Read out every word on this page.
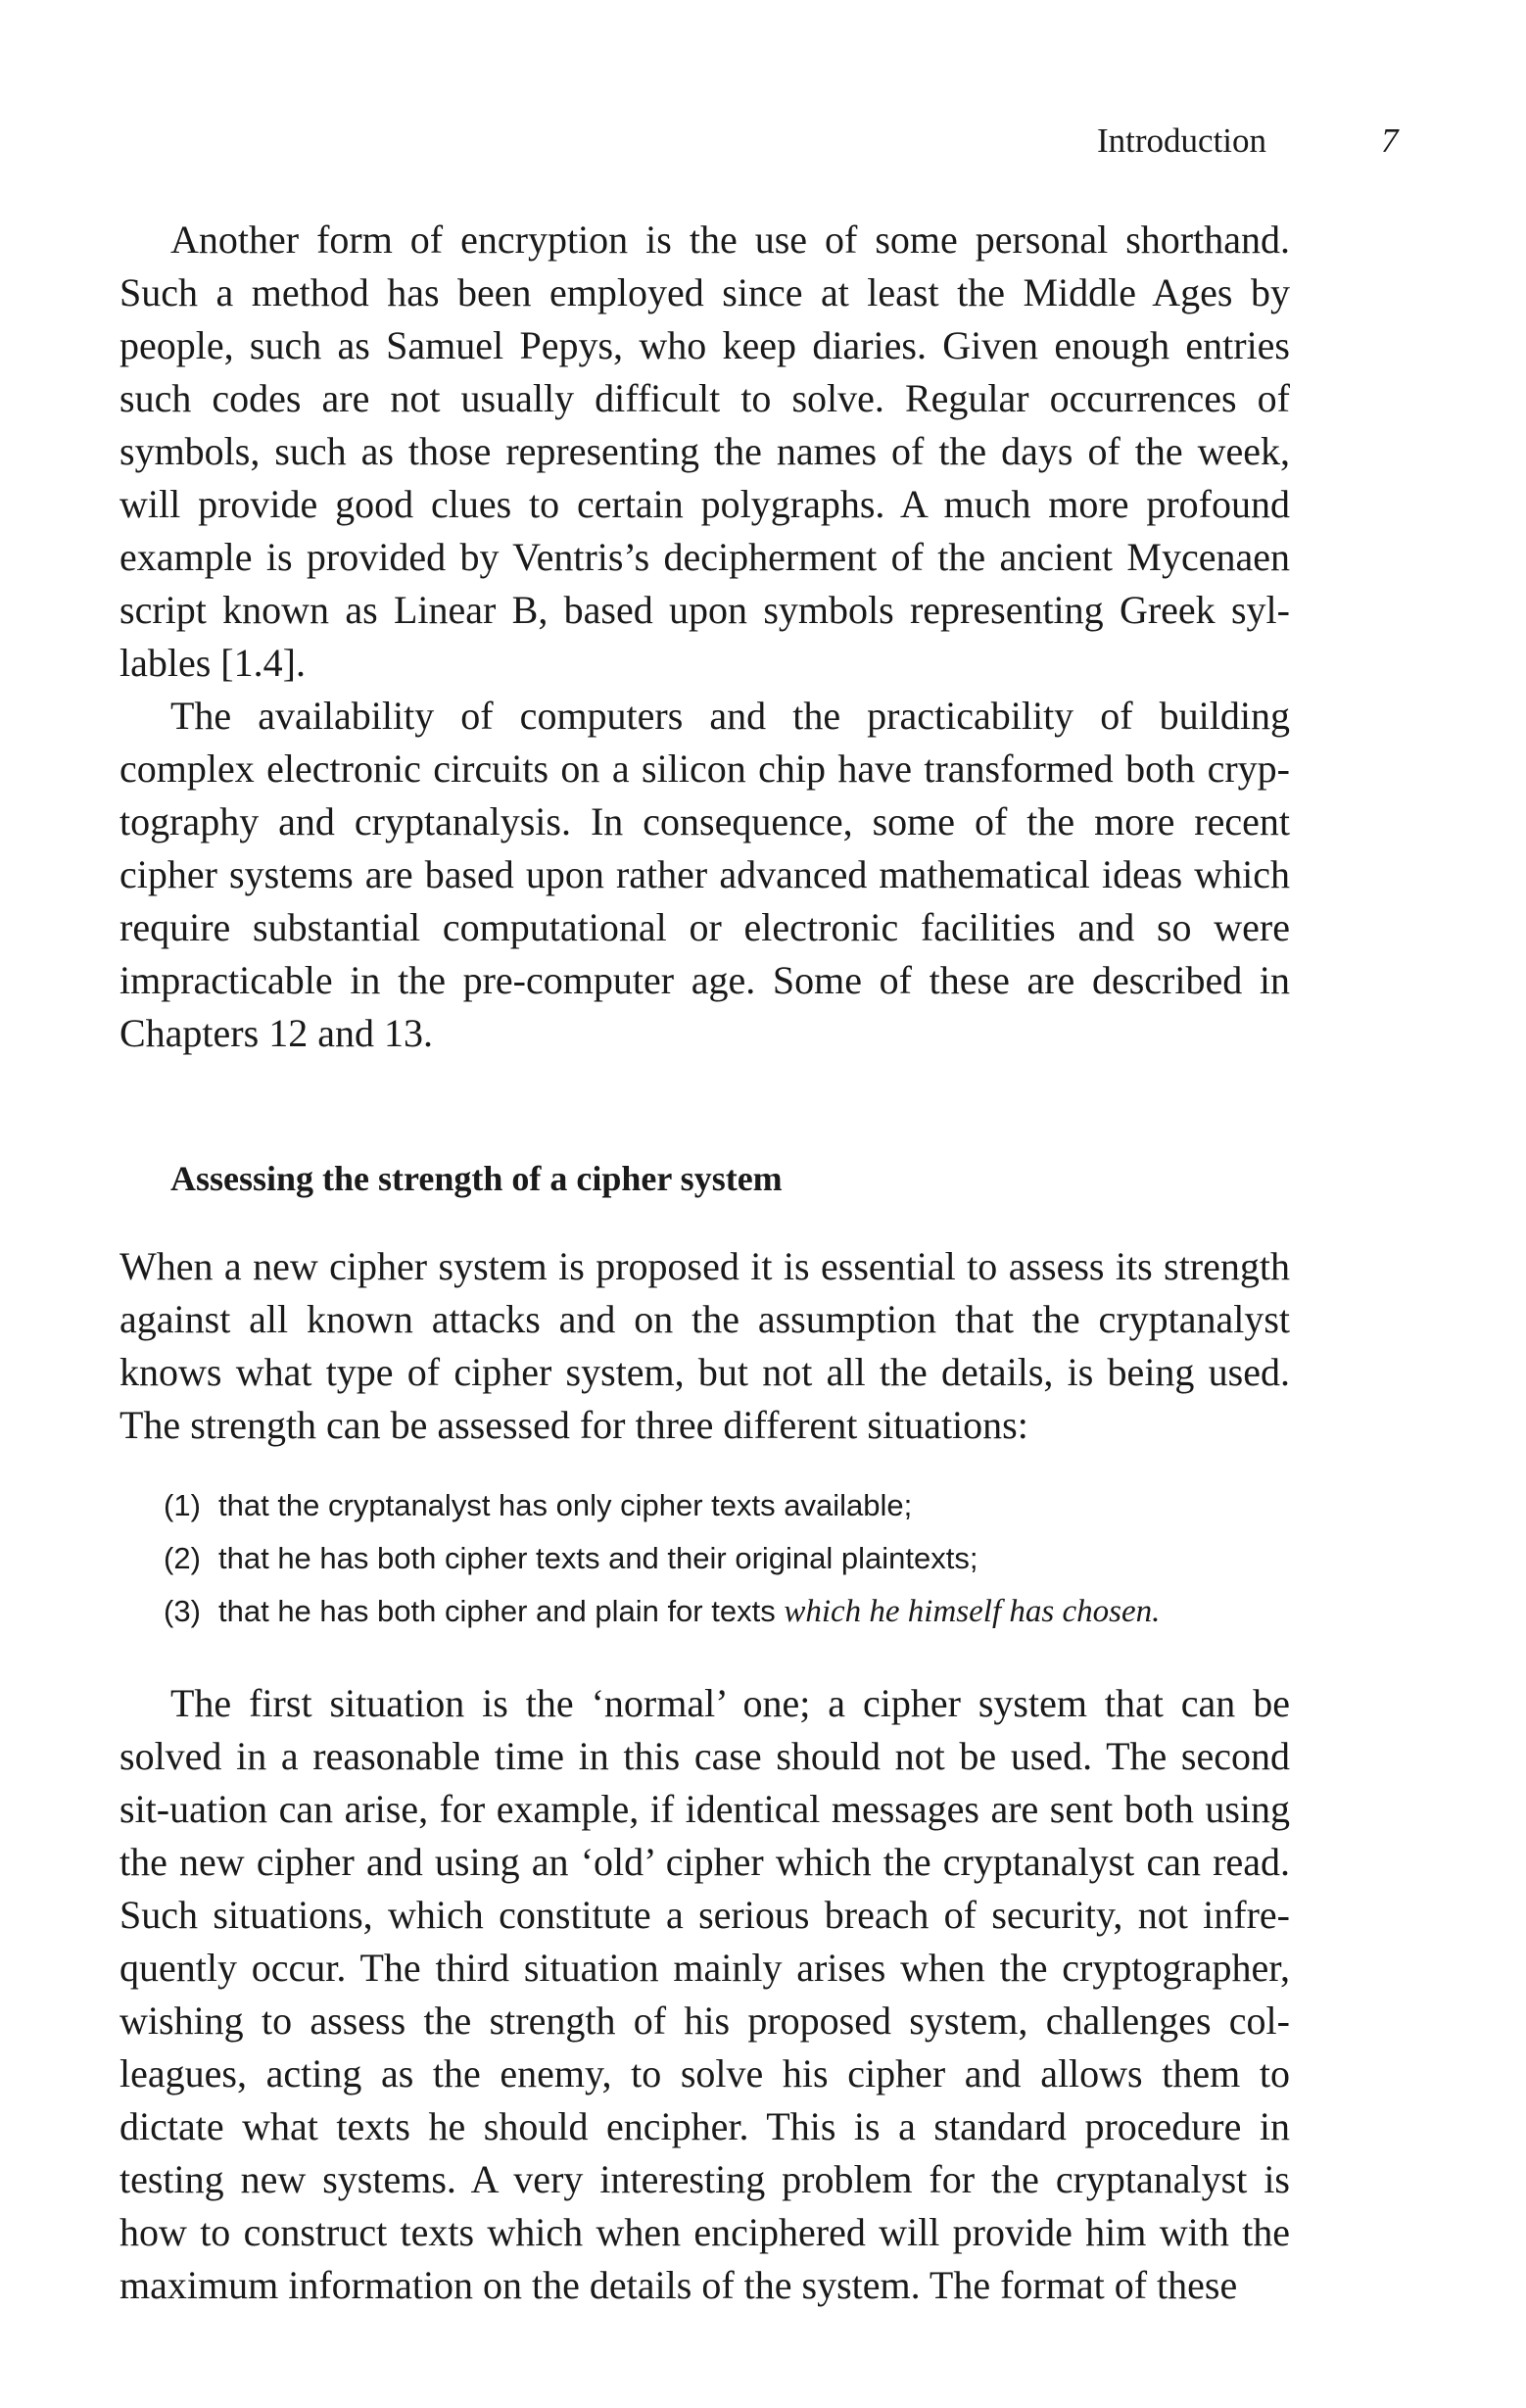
Introduction	7

Another form of encryption is the use of some personal shorthand. Such a method has been employed since at least the Middle Ages by people, such as Samuel Pepys, who keep diaries. Given enough entries such codes are not usually difficult to solve. Regular occurrences of symbols, such as those representing the names of the days of the week, will provide good clues to certain polygraphs. A much more profound example is provided by Ventris’s decipherment of the ancient Mycenaen script known as Linear B, based upon symbols representing Greek syl-lables [1.4].

The availability of computers and the practicability of building complex electronic circuits on a silicon chip have transformed both cryp-tography and cryptanalysis. In consequence, some of the more recent cipher systems are based upon rather advanced mathematical ideas which require substantial computational or electronic facilities and so were impracticable in the pre-computer age. Some of these are described in Chapters 12 and 13.

Assessing the strength of a cipher system

When a new cipher system is proposed it is essential to assess its strength against all known attacks and on the assumption that the cryptanalyst knows what type of cipher system, but not all the details, is being used. The strength can be assessed for three different situations:

(1) that the cryptanalyst has only cipher texts available;
(2) that he has both cipher texts and their original plaintexts;
(3) that he has both cipher and plain for texts which he himself has chosen.

The first situation is the ‘normal’ one; a cipher system that can be solved in a reasonable time in this case should not be used. The second sit-uation can arise, for example, if identical messages are sent both using the new cipher and using an ‘old’ cipher which the cryptanalyst can read. Such situations, which constitute a serious breach of security, not infre-quently occur. The third situation mainly arises when the cryptographer, wishing to assess the strength of his proposed system, challenges col-leagues, acting as the enemy, to solve his cipher and allows them to dictate what texts he should encipher. This is a standard procedure in testing new systems. A very interesting problem for the cryptanalyst is how to construct texts which when enciphered will provide him with the maximum information on the details of the system. The format of these
